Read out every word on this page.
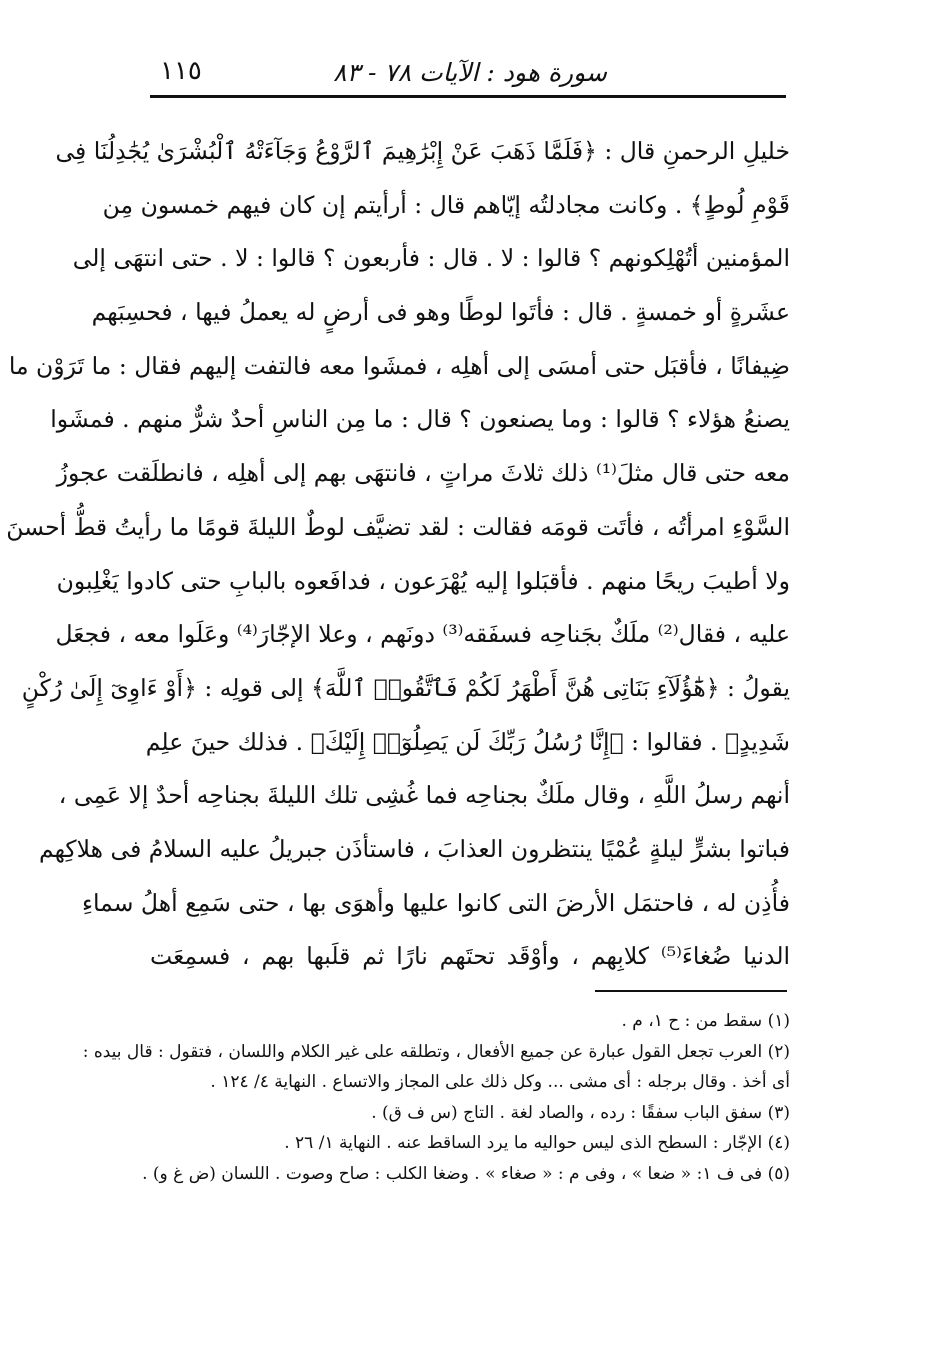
سورة هود : الآيات ٧٨ - ٨٣
١١٥
خليلِ الرحمنِ قال : ﴿فَلَمَّا ذَهَبَ عَنْ إِبْرَٰهِيمَ ٱلرَّوْعُ وَجَآءَتْهُ ٱلْبُشْرَىٰ يُجَٰدِلُنَا فِى
قَوْمِ لُوطٍ﴾ . وكانت مجادلتُه إيّاهم قال : أرأيتم إن كان فيهم خمسون مِن
المؤمنين أتُهْلِكونهم ؟ قالوا : لا . قال : فأربعون ؟ قالوا : لا . حتى انتهَى إلى
عشَرةٍ أو خمسةٍ . قال : فأتَوا لوطًا وهو فى أرضٍ له يعملُ فيها ، فحسِبَهم
ضِيفانًا ، فأقبَل حتى أمسَى إلى أهلِه ، فمشَوا معه فالتفت إليهم فقال : ما تَرَوْن ما
يصنعُ هؤلاء ؟ قالوا : وما يصنعون ؟ قال : ما مِن الناسِ أحدٌ شرٌّ منهم . فمشَوا
معه حتى قال مثلَ⁽¹⁾ ذلك ثلاثَ مراتٍ ، فانتهَى بهم إلى أهلِه ، فانطلَقت عجوزُ
السَّوْءِ امرأتُه ، فأتَت قومَه فقالت : لقد تضيَّف لوطٌ الليلةَ قومًا ما رأيتُ قطُّ أحسنَ
ولا أطيبَ ريحًا منهم . فأقبَلوا إليه يُهْرَعون ، فدافَعوه بالبابِ حتى كادوا يَغْلِبون
عليه ، فقال⁽²⁾ ملَكٌ بجَناحِه فسفَقه⁽³⁾ دونَهم ، وعلا الإجّارَ⁽⁴⁾ وعَلَوا معه ، فجعَل
يقولُ : ﴿هَٰٓؤُلَآءِ بَنَاتِى هُنَّ أَطْهَرُ لَكُمْ فَٱتَّقُوا۟ ٱللَّهَ﴾ إلى قولِه : ﴿أَوْ ءَاوِىٓ إِلَىٰ رُكْنٍ
شَدِيدٍ﴾ . فقالوا : ﴿إِنَّا رُسُلُ رَبِّكَ لَن يَصِلُوٓا۟ إِلَيْكَ﴾ . فذلك حينَ علِم
أنهم رسلُ اللَّهِ ، وقال ملَكٌ بجناحِه فما غُشِى تلك الليلةَ بجناحِه أحدٌ إلا عَمِى ،
فباتوا بشرٍّ ليلةٍ عُمْيًا ينتظرون العذابَ ، فاستأذَن جبريلُ عليه السلامُ فى هلاكِهم
فأُذِن له ، فاحتمَل الأرضَ التى كانوا عليها وأهوَى بها ، حتى سَمِع أهلُ سماءِ
الدنيا ضُغاءَ⁽⁵⁾ كلابِهم ، وأوْقَد تحتَهم نارًا ثم قلَبها بهم ، فسمِعَت
(١) سقط من : ح ١، م .
(٢) العرب تجعل القول عبارة عن جميع الأفعال ، وتطلقه على غير الكلام واللسان ، فتقول : قال بيده :
أى أخذ . وقال برجله : أى مشى ... وكل ذلك على المجاز والاتساع . النهاية ٤/ ١٢٤ .
(٣) سفق الباب سفقًا : رده ، والصاد لغة . التاج (س ف ق) .
(٤) الإجّار : السطح الذى ليس حواليه ما يرد الساقط عنه . النهاية ١/ ٢٦ .
(٥) فى ف ١: « ضعا » ، وفى م : « صغاء » . وضغا الكلب : صاح وصوت . اللسان (ض غ و) .
